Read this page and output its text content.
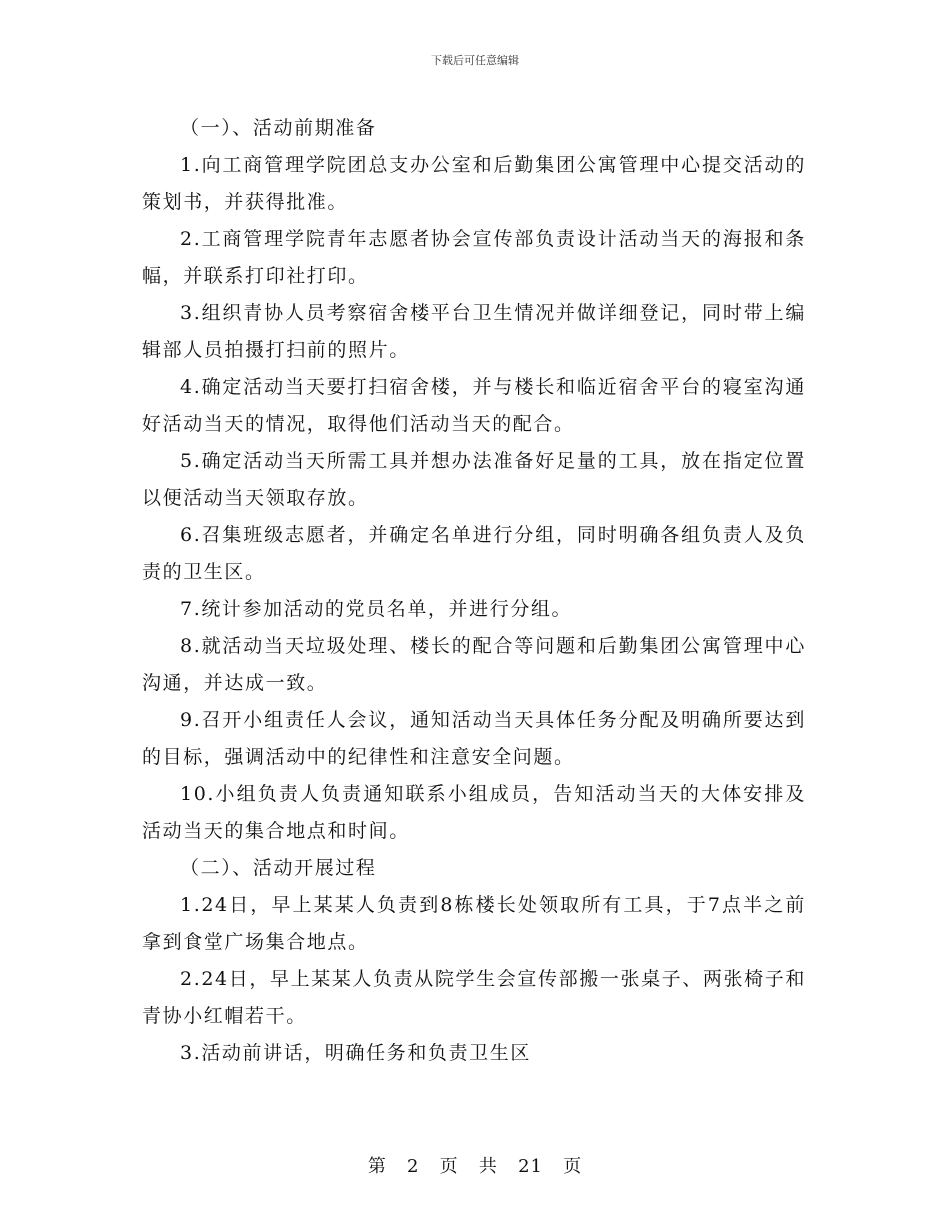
下载后可任意编辑

（一）、活动前期准备

1.向工商管理学院团总支办公室和后勤集团公寓管理中心提交活动的策划书，并获得批准。

2.工商管理学院青年志愿者协会宣传部负责设计活动当天的海报和条幅，并联系打印社打印。

3.组织青协人员考察宿舍楼平台卫生情况并做详细登记，同时带上编辑部人员拍摄打扫前的照片。

4.确定活动当天要打扫宿舍楼，并与楼长和临近宿舍平台的寝室沟通好活动当天的情况，取得他们活动当天的配合。

5.确定活动当天所需工具并想办法准备好足量的工具，放在指定位置以便活动当天领取存放。

6.召集班级志愿者，并确定名单进行分组，同时明确各组负责人及负责的卫生区。

7.统计参加活动的党员名单，并进行分组。

8.就活动当天垃圾处理、楼长的配合等问题和后勤集团公寓管理中心沟通，并达成一致。

9.召开小组责任人会议，通知活动当天具体任务分配及明确所要达到的目标，强调活动中的纪律性和注意安全问题。

10.小组负责人负责通知联系小组成员，告知活动当天的大体安排及活动当天的集合地点和时间。

（二）、活动开展过程

1.24日，早上某某人负责到8栋楼长处领取所有工具，于7点半之前拿到食堂广场集合地点。

2.24日，早上某某人负责从院学生会宣传部搬一张桌子、两张椅子和青协小红帽若干。

3.活动前讲话，明确任务和负责卫生区

第 2 页 共 21 页
